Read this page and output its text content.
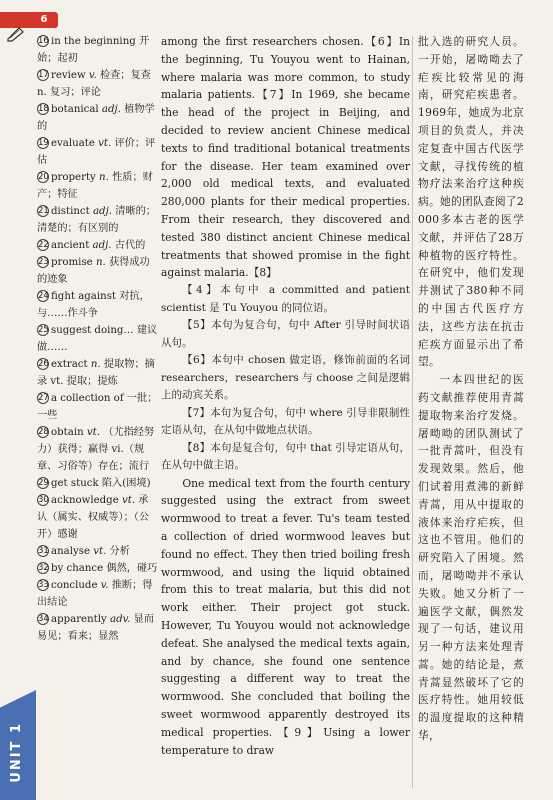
6
UNIT 1
16 in the beginning 开始；起初
17 review v. 检查；复查 n. 复习；评论
18 botanical adj. 植物学的
19 evaluate vt. 评价；评估
20 property n. 性质；财产；特征
21 distinct adj. 清晰的；清楚的；有区别的
22 ancient adj. 古代的
23 promise n. 获得成功的迹象
24 fight against 对抗，与……作斗争
25 suggest doing… 建议做……
26 extract n. 提取物；摘录 vt. 提取；提炼
27 a collection of 一批；一些
28 obtain vt. （尤指经努力）获得；赢得 vi.（规章、习俗等）存在；流行
29 get stuck 陷入(困境)
30 acknowledge vt. 承认（属实、权威等）；（公开）感谢
31 analyse vt. 分析
32 by chance 偶然，碰巧
33 conclude v. 推断；得出结论
34 apparently adv. 显而易见；看来；显然

among the first researchers chosen.【6】In the beginning, Tu Youyou went to Hainan, where malaria was more common, to study malaria patients.【7】In 1969, she became the head of the project in Beijing, and decided to review ancient Chinese medical texts to find traditional botanical treatments for the disease. Her team examined over 2,000 old medical texts, and evaluated 280,000 plants for their medical properties. From their research, they discovered and tested 380 distinct ancient Chinese medical treatments that showed promise in the fight against malaria.【8】

【4】本句中 a committed and patient scientist 是 Tu Youyou 的同位语。

【5】本句为复合句，句中 After 引导时间状语从句。

【6】本句中 chosen 做定语，修饰前面的名词 researchers，researchers 与 choose 之间是逻辑上的动宾关系。

【7】本句为复合句，句中 where 引导非限制性定语从句，在从句中做地点状语。

【8】本句是复合句，句中 that 引导定语从句，在从句中做主语。

One medical text from the fourth century suggested using the extract from sweet wormwood to treat a fever. Tu's team tested a collection of dried wormwood leaves but found no effect. They then tried boiling fresh wormwood, and using the liquid obtained from this to treat malaria, but this did not work either. Their project got stuck. However, Tu Youyou would not acknowledge defeat. She analysed the medical texts again, and by chance, she found one sentence suggesting a different way to treat the wormwood. She concluded that boiling the sweet wormwood apparently destroyed its medical properties.【9】Using a lower temperature to draw

批入选的研究人员。一开始，屠呦呦去了疟疾比较常见的海南，研究疟疾患者。1969年，她成为北京项目的负责人，并决定复查中国古代医学文献，寻找传统的植物疗法来治疗这种疾病。她的团队查阅了2 000多本古老的医学文献，并评估了28万种植物的医疗特性。在研究中，他们发现并测试了380种不同的中国古代医疗方法，这些方法在抗击疟疾方面显示出了希望。

一本四世纪的医药文献推荐使用青蒿提取物来治疗发烧。屠呦呦的团队测试了一批青蒿叶，但没有发现效果。然后，他们试着用煮沸的新鲜青蒿，用从中提取的液体来治疗疟疾，但这也不管用。他们的研究陷入了困境。然而，屠呦呦并不承认失败。她又分析了一遍医学文献，偶然发现了一句话，建议用另一种方法来处理青蒿。她的结论是，煮青蒿显然破坏了它的医疗特性。她用较低的温度提取的这种精华，
